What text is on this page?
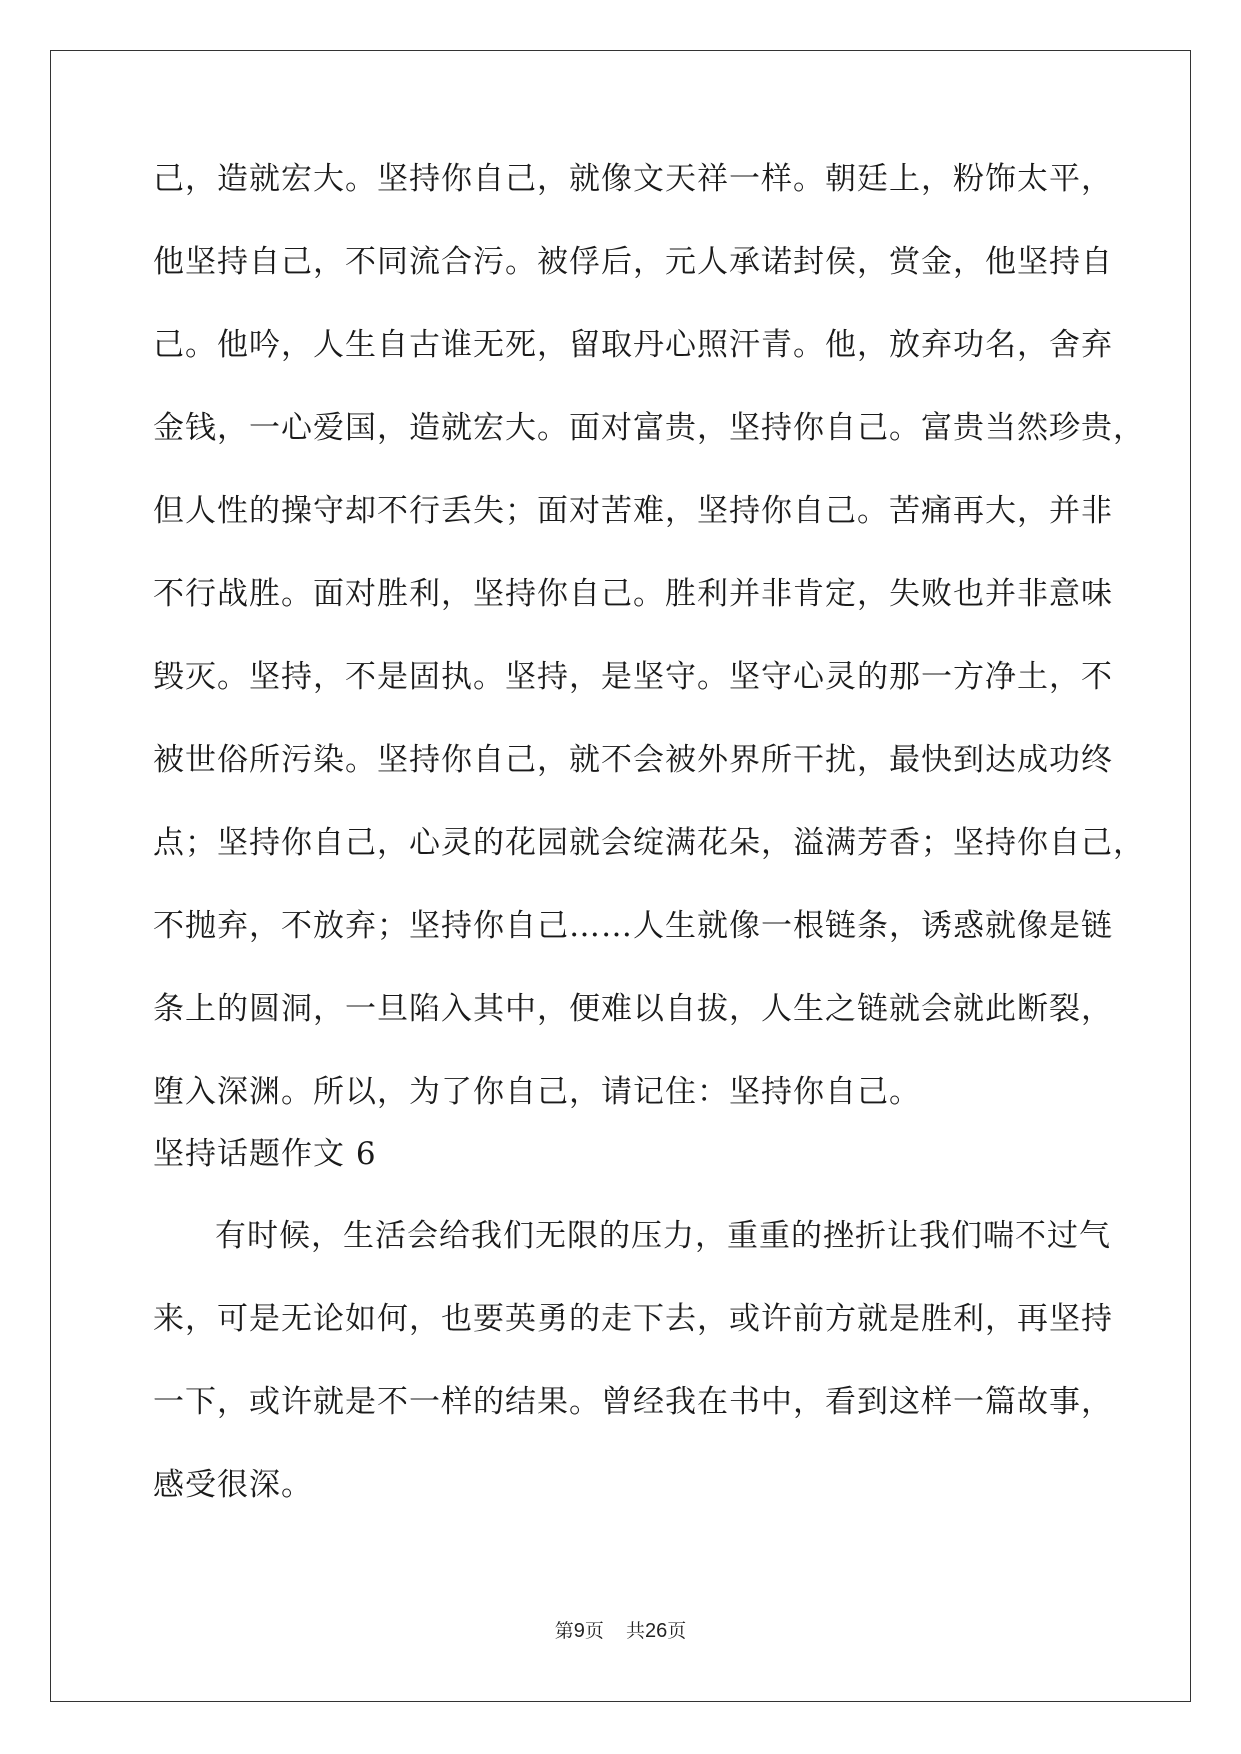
己，造就宏大。坚持你自己，就像文天祥一样。朝廷上，粉饰太平，
他坚持自己，不同流合污。被俘后，元人承诺封侯，赏金，他坚持自
己。他吟，人生自古谁无死，留取丹心照汗青。他，放弃功名，舍弃
金钱，一心爱国，造就宏大。面对富贵，坚持你自己。富贵当然珍贵，
但人性的操守却不行丢失；面对苦难，坚持你自己。苦痛再大，并非
不行战胜。面对胜利，坚持你自己。胜利并非肯定，失败也并非意味
毁灭。坚持，不是固执。坚持，是坚守。坚守心灵的那一方净土，不
被世俗所污染。坚持你自己，就不会被外界所干扰，最快到达成功终
点；坚持你自己，心灵的花园就会绽满花朵，溢满芳香；坚持你自己，
不抛弃，不放弃；坚持你自己……人生就像一根链条，诱惑就像是链
条上的圆洞，一旦陷入其中，便难以自拔，人生之链就会就此断裂，
堕入深渊。所以，为了你自己，请记住：坚持你自己。
坚持话题作文 6
有时候，生活会给我们无限的压力，重重的挫折让我们喘不过气
来，可是无论如何，也要英勇的走下去，或许前方就是胜利，再坚持
一下，或许就是不一样的结果。曾经我在书中，看到这样一篇故事，
感受很深。
第9页 共26页
